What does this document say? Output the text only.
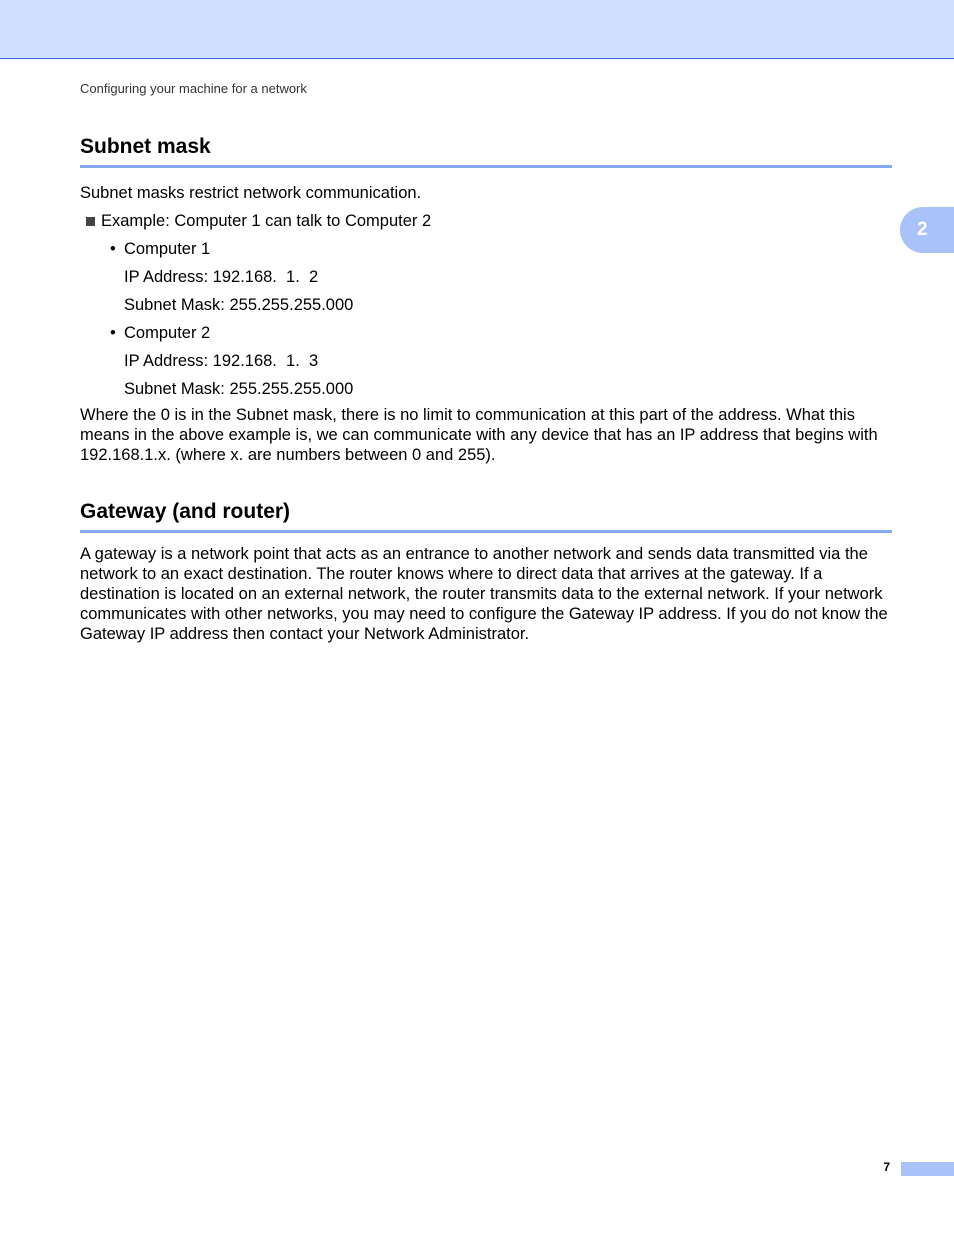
Configuring your machine for a network
2
Subnet mask
Subnet masks restrict network communication.
Example: Computer 1 can talk to Computer 2
• Computer 1
IP Address: 192.168.  1.  2
Subnet Mask: 255.255.255.000
• Computer 2
IP Address: 192.168.  1.  3
Subnet Mask: 255.255.255.000

Where the 0 is in the Subnet mask, there is no limit to communication at this part of the address. What this means in the above example is, we can communicate with any device that has an IP address that begins with 192.168.1.x. (where x. are numbers between 0 and 255).

Gateway (and router)

A gateway is a network point that acts as an entrance to another network and sends data transmitted via the network to an exact destination. The router knows where to direct data that arrives at the gateway. If a destination is located on an external network, the router transmits data to the external network. If your network communicates with other networks, you may need to configure the Gateway IP address. If you do not know the Gateway IP address then contact your Network Administrator.

7
